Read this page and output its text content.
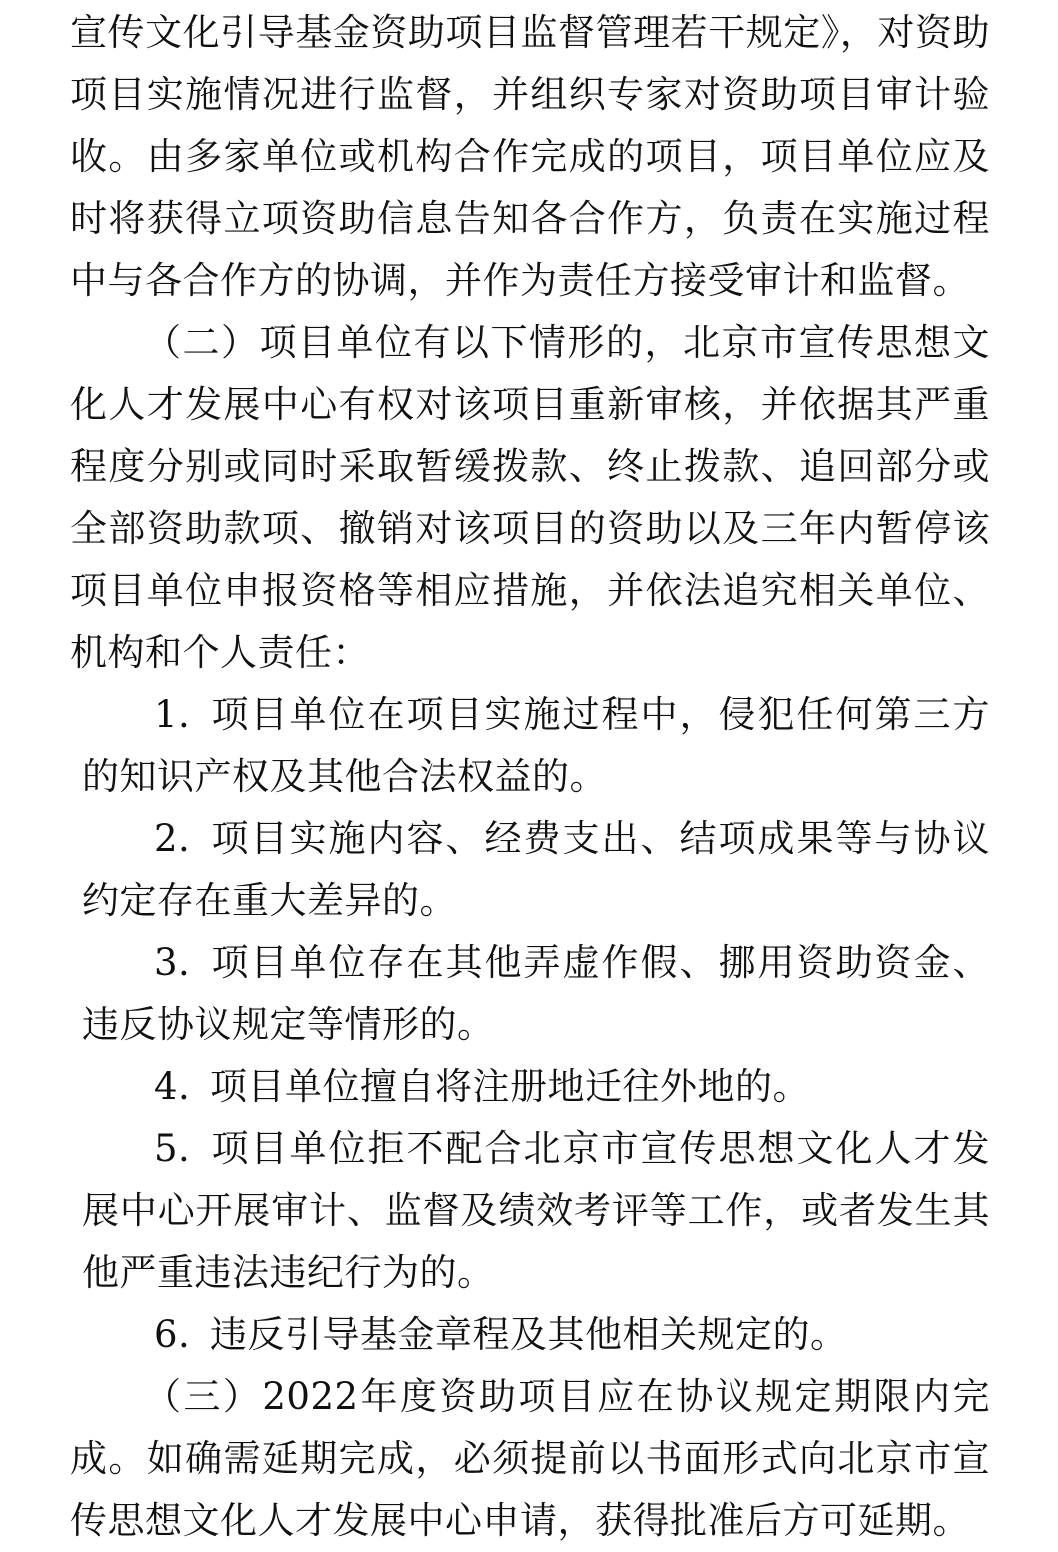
宣传文化引导基金资助项目监督管理若干规定》，对资助项目实施情况进行监督，并组织专家对资助项目审计验收。由多家单位或机构合作完成的项目，项目单位应及时将获得立项资助信息告知各合作方，负责在实施过程中与各合作方的协调，并作为责任方接受审计和监督。

（二）项目单位有以下情形的，北京市宣传思想文化人才发展中心有权对该项目重新审核，并依据其严重程度分别或同时采取暂缓拨款、终止拨款、追回部分或全部资助款项、撤销对该项目的资助以及三年内暂停该项目单位申报资格等相应措施，并依法追究相关单位、机构和个人责任：

1. 项目单位在项目实施过程中，侵犯任何第三方的知识产权及其他合法权益的。

2. 项目实施内容、经费支出、结项成果等与协议约定存在重大差异的。

3. 项目单位存在其他弄虚作假、挪用资助资金、违反协议规定等情形的。

4. 项目单位擅自将注册地迁往外地的。

5. 项目单位拒不配合北京市宣传思想文化人才发展中心开展审计、监督及绩效考评等工作，或者发生其他严重违法违纪行为的。

6. 违反引导基金章程及其他相关规定的。

（三）2022年度资助项目应在协议规定期限内完成。如确需延期完成，必须提前以书面形式向北京市宣传思想文化人才发展中心申请，获得批准后方可延期。
